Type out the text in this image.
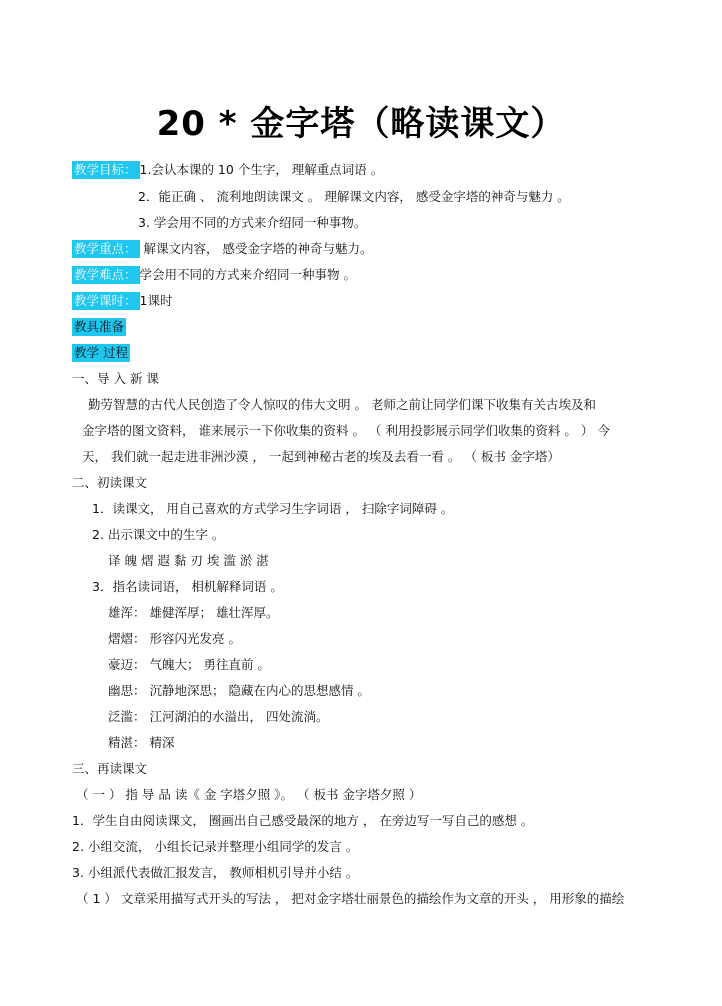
20 * 金字塔（略读课文）
教学目标： 1.会认本课的 10 个生字， 理解重点词语 。
2．能正确 、 流利地朗读课文 。 理解课文内容， 感受金字塔的神奇与魅力 。
3. 学会用不同的方式来介绍同一种事物。
教学重点： 解课文内容， 感受金字塔的神奇与魅力。
教学难点： 学会用不同的方式来介绍同一种事物 。
教学课时： 1课时
教具准备
教学 过程
一、导 入 新 课
勤劳智慧的古代人民创造了令人惊叹的伟大文明 。 老师之前让同学们课下收集有关古埃及和
金字塔的图文资料， 谁来展示一下你收集的资料 。 （ 利用投影展示同学们收集的资料 。 ） 今
天， 我们就一起走进非洲沙漠 ， 一起到神秘古老的埃及去看一看 。 （ 板书 金字塔）
二、初读课文
1．读课文， 用自己喜欢的方式学习生字词语 ， 扫除字词障碍 。
2. 出示课文中的生字 。
译 魄 熠 遐 黏 刃 埃 滥 淤 湛
3．指名读词语， 相机解释词语 。
雄浑： 雄健浑厚； 雄壮浑厚。
熠熠： 形容闪光发亮 。
豪迈： 气魄大； 勇往直前 。
幽思： 沉静地深思； 隐藏在内心的思想感情 。
泛滥： 江河湖泊的水溢出， 四处流淌。
精湛： 精深
三、再读课文
（ 一 ） 指 导 品 读《 金 字塔夕照 》。 （ 板书 金字塔夕照 ）
1．学生自由阅读课文， 圈画出自己感受最深的地方 ， 在旁边写一写自己的感想 。
2. 小组交流， 小组长记录并整理小组同学的发言 。
3. 小组派代表做汇报发言， 教师相机引导并小结 。
（ 1 ） 文章采用描写式开头的写法 ， 把对金字塔壮丽景色的描绘作为文章的开头 ， 用形象的描绘
